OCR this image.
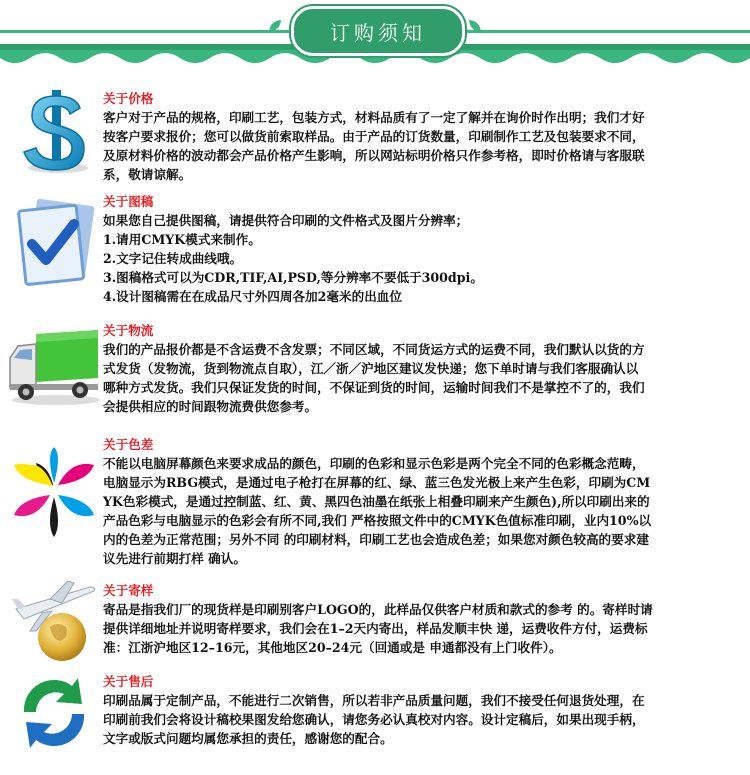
订购须知
关于价格
客户对于产品的规格，印刷工艺，包装方式，材料品质有了一定了解并在询价时作出明；我们才好
按客户要求报价；您可以做货前索取样品。由于产品的订货数量，印刷制作工艺及包装要求不同，
及原材料价格的波动都会产品价格产生影响，所以网站标明价格只作参考格，即时价格请与客服联
系，敬请谅解。
关于图稿
如果您自己提供图稿，请提供符合印刷的文件格式及图片分辨率；
1.请用CMYK模式来制作。
2.文字记住转成曲线哦。
3.图稿格式可以为CDR,TIF,AI,PSD,等分辨率不要低于300dpi。
4.设计图稿需在在成品尺寸外四周各加2毫米的出血位
关于物流
我们的产品报价都是不含运费不含发票；不同区域，不同货运方式的运费不同，我们默认以货的方
式发货（发物流，货到物流点自取），江／浙／沪地区建议发快递；您下单时请与我们客服确认以
哪种方式发货。我们只保证发货的时间，不保证到货的时间，运输时间我们不是掌控不了的，我们
会提供相应的时间跟物流费供您参考。
关于色差
不能以电脑屏幕颜色来要求成品的颜色，印刷的色彩和显示色彩是两个完全不同的色彩概念范畴，
电脑显示为RBG模式，是通过电子枪打在屏幕的红、绿、蓝三色发光极上来产生色彩，印刷为CM
YK色彩模式，是通过控制蓝、红、黄、黑四色油墨在纸张上相叠印刷来产生颜色),所以印刷出来的
产品色彩与电脑显示的色彩会有所不同,我们 严格按照文件中的CMYK色值标准印刷，业内10%以
内的色差为正常范围；另外不同 的印刷材料，印刷工艺也会造成色差；如果您对颜色较高的要求建
议先进行前期打样 确认。
关于寄样
寄品是指我们厂的现货样是印刷别客户LOGO的，此样品仅供客户材质和款式的参考 的。寄样时请
提供详细地址并说明寄样要求，我们会在1–2天内寄出，样品发顺丰快 递，运费收件方付，运费标
准：江浙沪地区12–16元，其他地区20–24元（回通或是 申通都没有上门收件）。
关于售后
印刷品属于定制产品，不能进行二次销售，所以若非产品质量问题，我们不接受任何退货处理，在
印刷前我们会将设计稿校果图发给您确认，请您务必认真校对内容。设计定稿后，如果出现手柄，
文字或版式问题均属您承担的责任，感谢您的配合。
